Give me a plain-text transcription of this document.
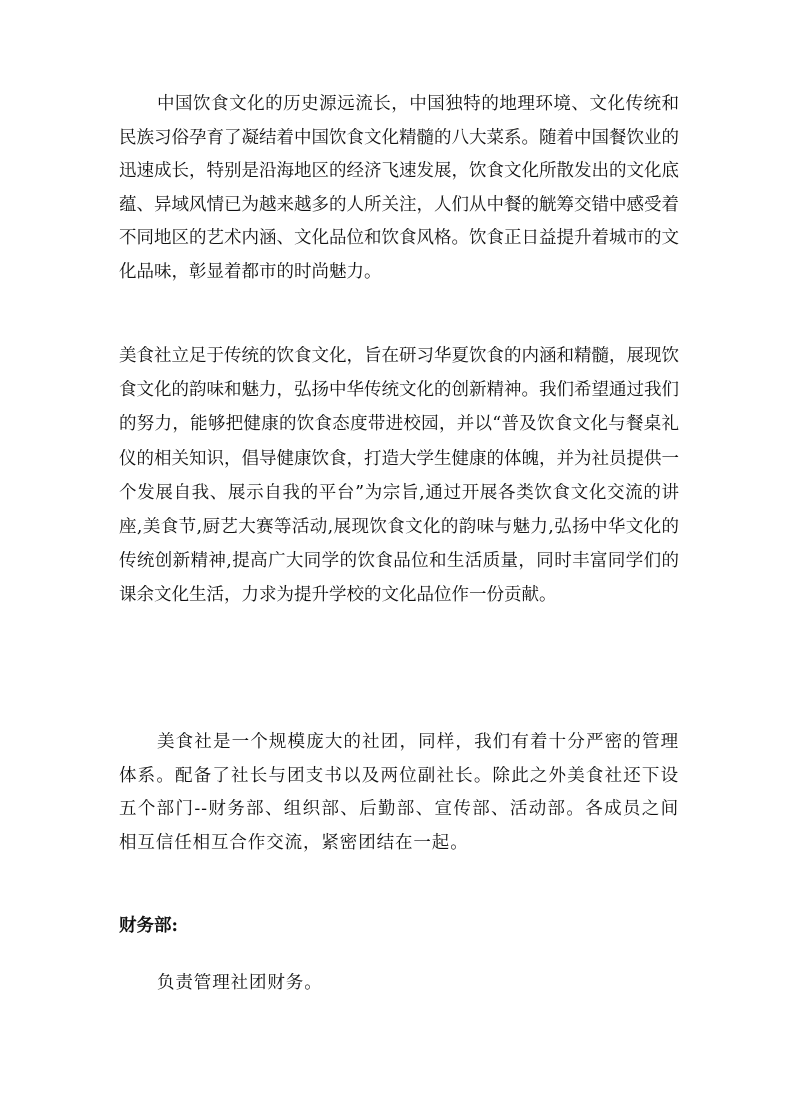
中国饮食文化的历史源远流长，中国独特的地理环境、文化传统和民族习俗孕育了凝结着中国饮食文化精髓的八大菜系。随着中国餐饮业的迅速成长，特别是沿海地区的经济飞速发展，饮食文化所散发出的文化底蕴、异域风情已为越来越多的人所关注，人们从中餐的觥筹交错中感受着不同地区的艺术内涵、文化品位和饮食风格。饮食正日益提升着城市的文化品味，彰显着都市的时尚魅力。

美食社立足于传统的饮食文化，旨在研习华夏饮食的内涵和精髓，展现饮食文化的韵味和魅力，弘扬中华传统文化的创新精神。我们希望通过我们的努力，能够把健康的饮食态度带进校园，并以“普及饮食文化与餐桌礼仪的相关知识，倡导健康饮食，打造大学生健康的体魄，并为社员提供一个发展自我、展示自我的平台”为宗旨,通过开展各类饮食文化交流的讲座,美食节,厨艺大赛等活动,展现饮食文化的韵味与魅力,弘扬中华文化的传统创新精神,提高广大同学的饮食品位和生活质量，同时丰富同学们的课余文化生活，力求为提升学校的文化品位作一份贡献。

美食社是一个规模庞大的社团，同样，我们有着十分严密的管理体系。配备了社长与团支书以及两位副社长。除此之外美食社还下设五个部门--财务部、组织部、后勤部、宣传部、活动部。各成员之间相互信任相互合作交流，紧密团结在一起。

财务部:

负责管理社团财务。
